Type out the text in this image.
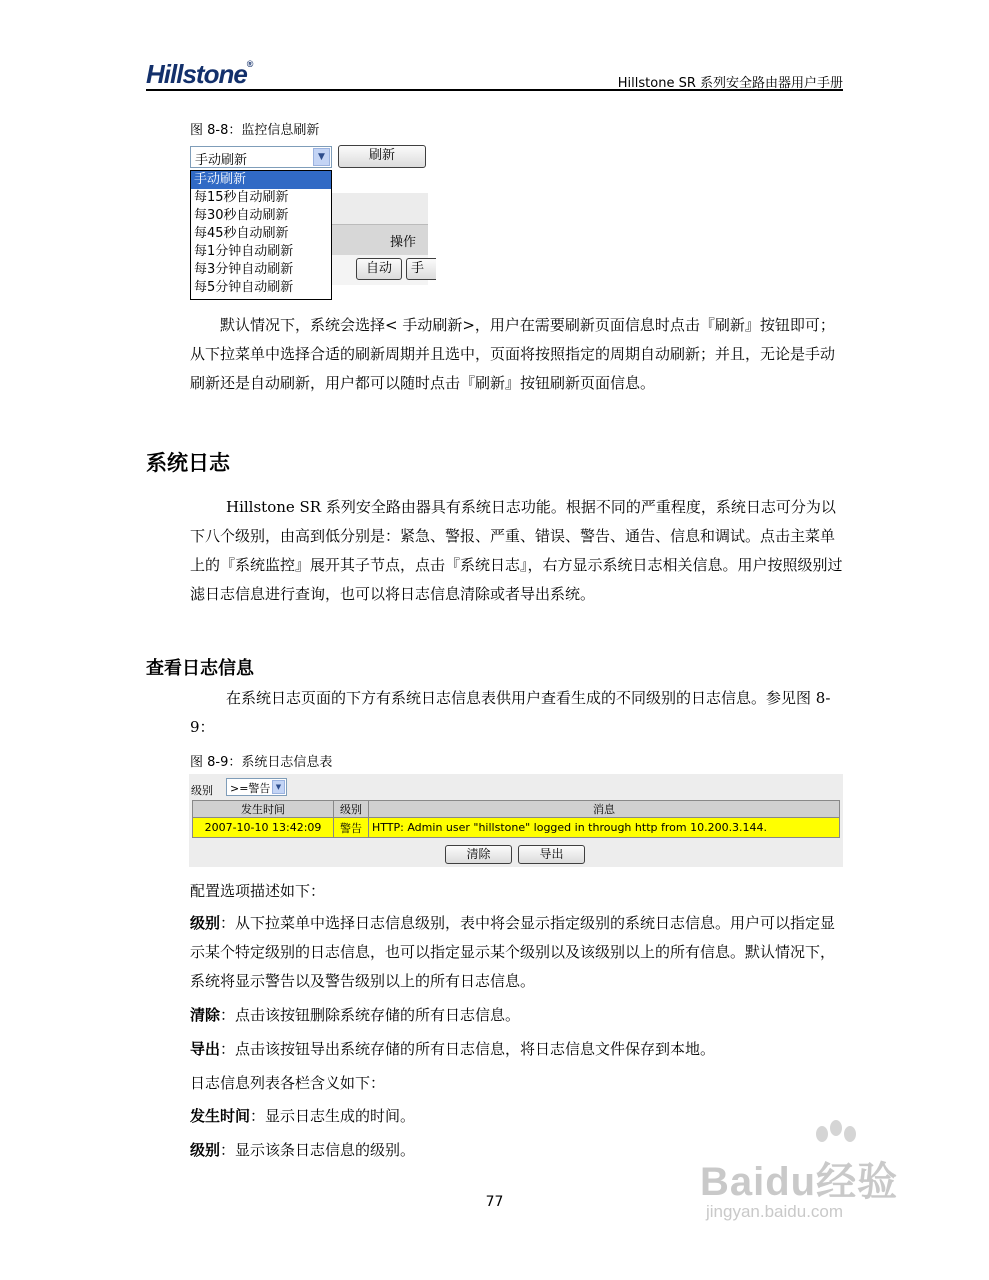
Hillstone®
Hillstone SR 系列安全路由器用户手册
图 8-8：监控信息刷新
操作
自动	手
手动刷新	▼	刷新
手动刷新
每15秒自动刷新
每30秒自动刷新
每45秒自动刷新
每1分钟自动刷新
每3分钟自动刷新
每5分钟自动刷新
默认情况下，系统会选择< 手动刷新>，用户在需要刷新页面信息时点击『刷新』按钮即可；从下拉菜单中选择合适的刷新周期并且选中，页面将按照指定的周期自动刷新；并且，无论是手动刷新还是自动刷新，用户都可以随时点击『刷新』按钮刷新页面信息。
系统日志
Hillstone SR 系列安全路由器具有系统日志功能。根据不同的严重程度，系统日志可分为以下八个级别，由高到低分别是：紧急、警报、严重、错误、警告、通告、信息和调试。点击主菜单上的『系统监控』展开其子节点，点击『系统日志』，右方显示系统日志相关信息。用户按照级别过滤日志信息进行查询，也可以将日志信息清除或者导出系统。
查看日志信息
在系统日志页面的下方有系统日志信息表供用户查看生成的不同级别的日志信息。参见图 8-9：
图 8-9：系统日志信息表
级别 >=警告 ▼
发生时间	级别	消息
2007-10-10 13:42:09	警告	HTTP: Admin user "hillstone" logged in through http from 10.200.3.144.
清除	导出
配置选项描述如下：
级别：从下拉菜单中选择日志信息级别，表中将会显示指定级别的系统日志信息。用户可以指定显示某个特定级别的日志信息，也可以指定显示某个级别以及该级别以上的所有信息。默认情况下，系统将显示警告以及警告级别以上的所有日志信息。
清除：点击该按钮删除系统存储的所有日志信息。
导出：点击该按钮导出系统存储的所有日志信息，将日志信息文件保存到本地。
日志信息列表各栏含义如下：
发生时间：显示日志生成的时间。
级别：显示该条日志信息的级别。
77	Baidu经验
jingyan.baidu.com
